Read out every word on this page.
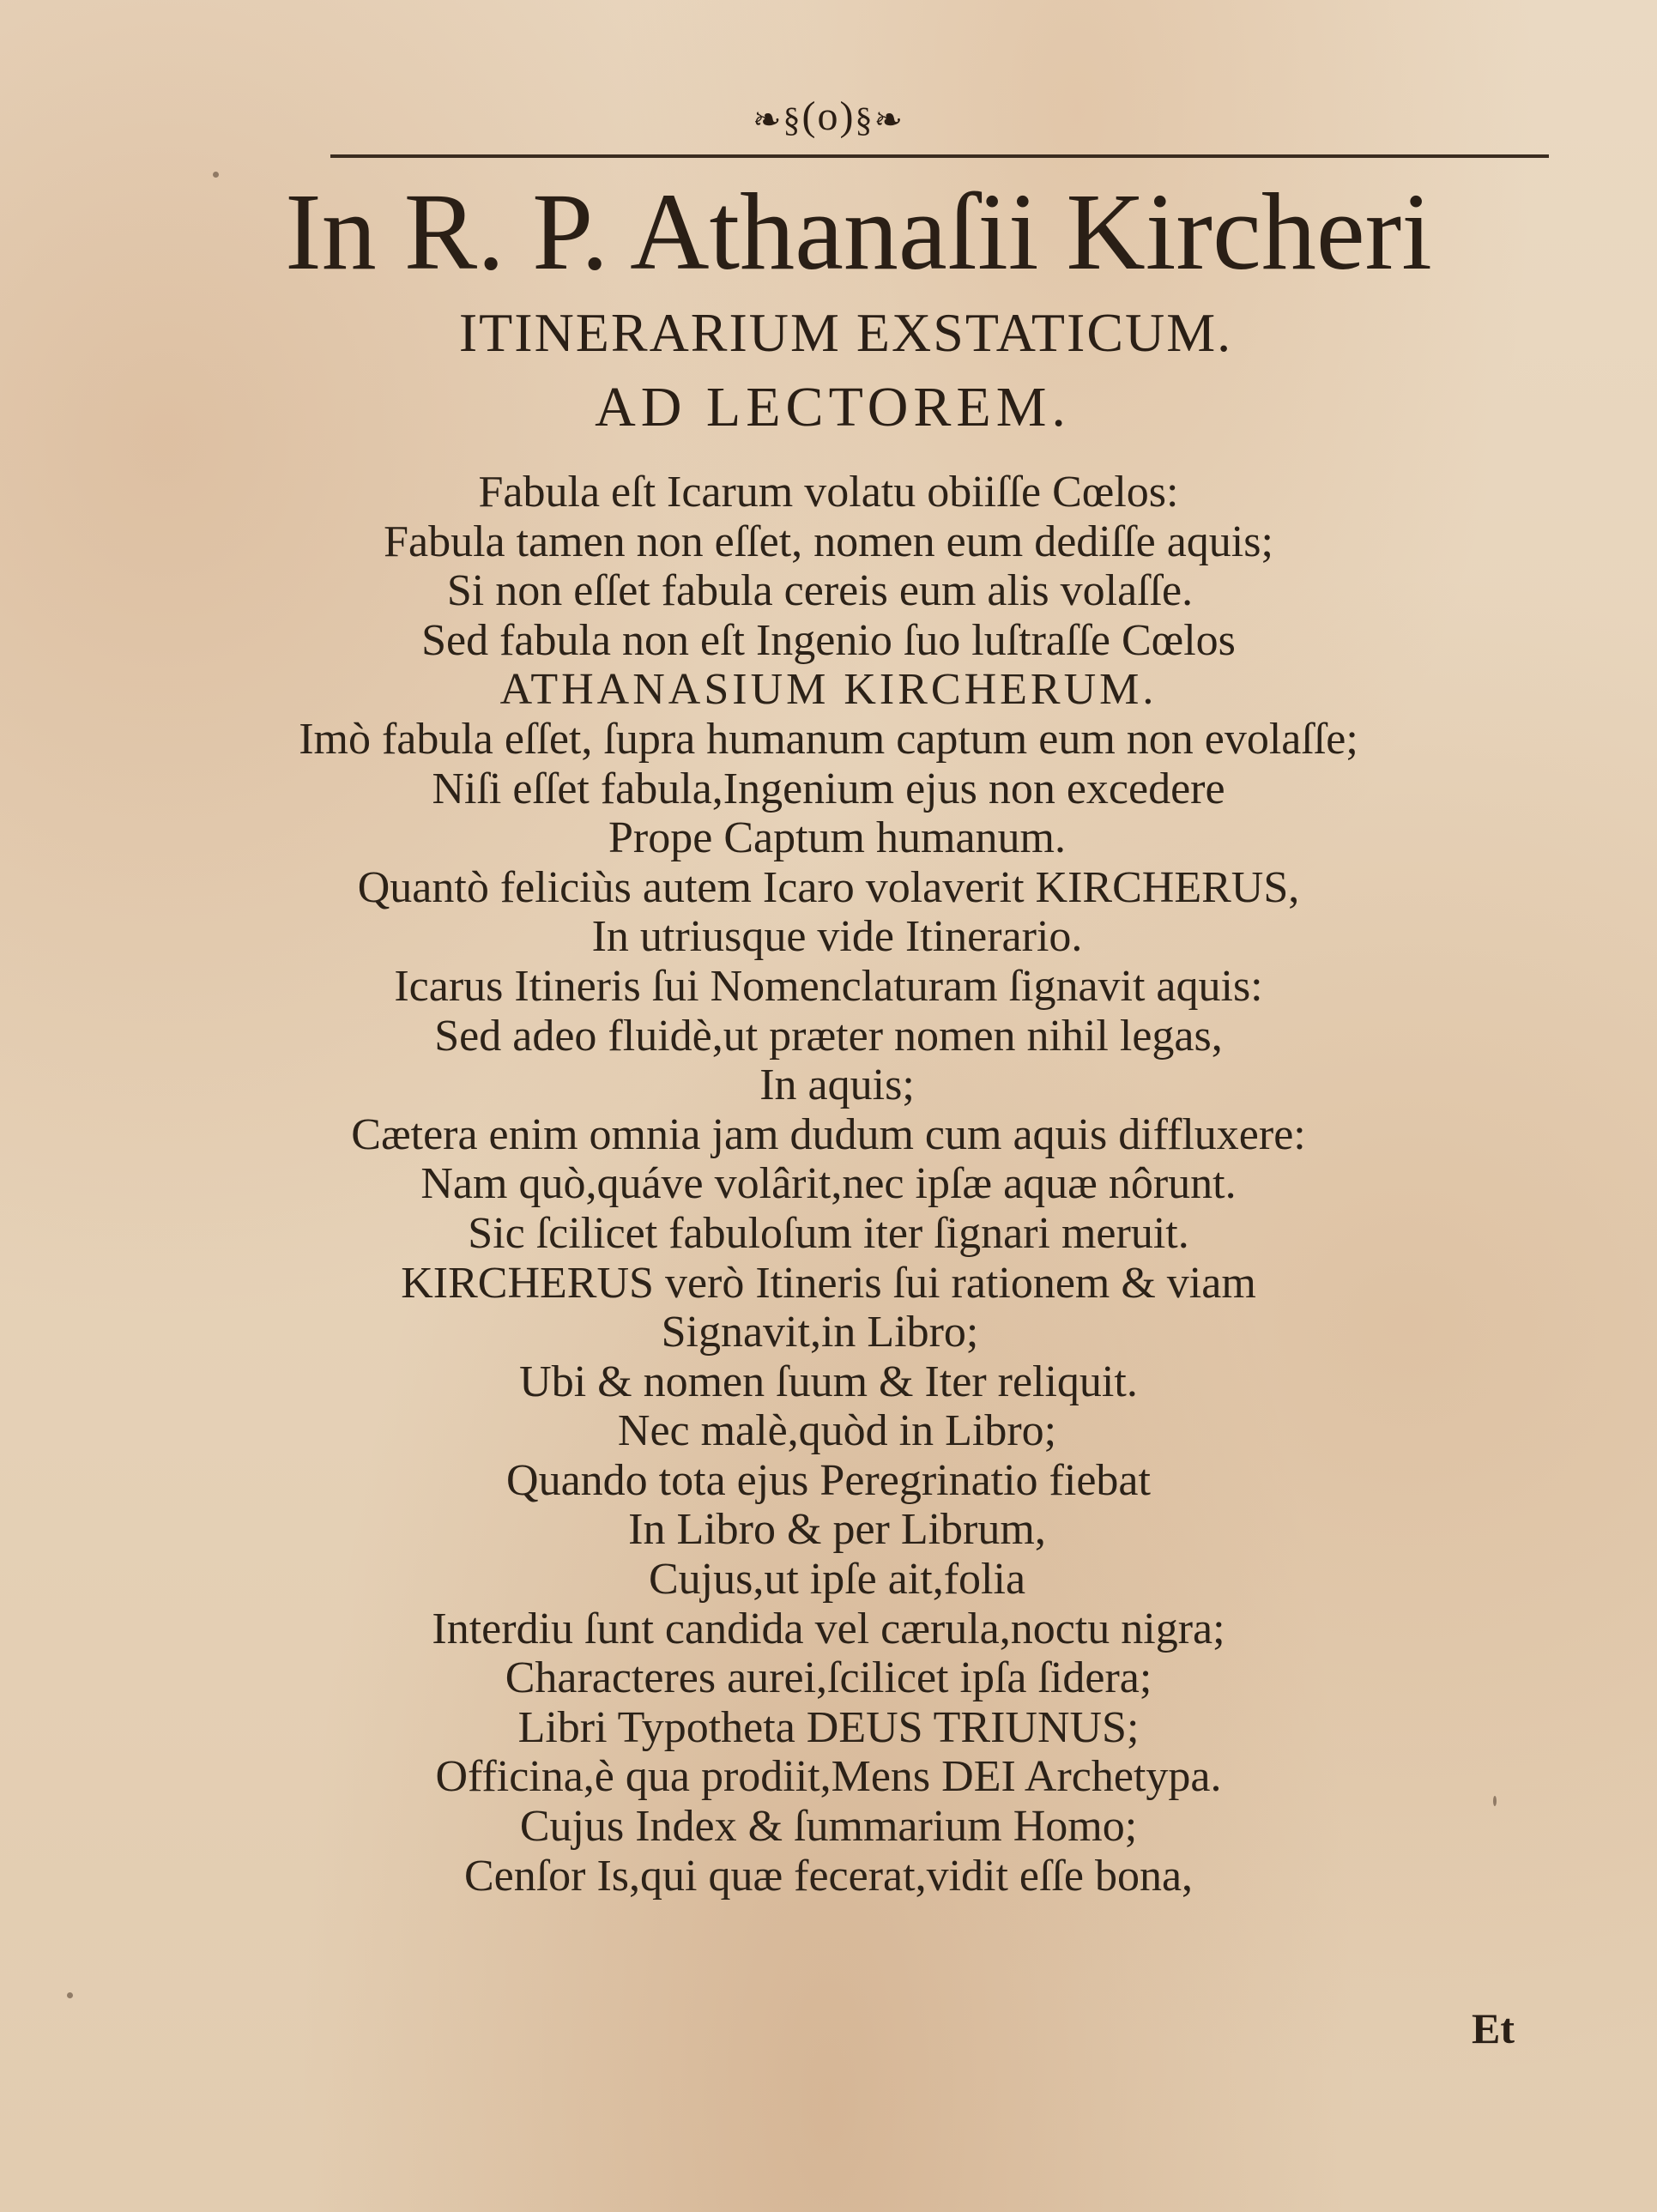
❧§(o)§❧
In R. P. Athanaſii Kircheri
ITINERARIUM EXSTATICUM.
AD LECTOREM.
Fabula eſt Icarum volatu obiiſſe Cœlos:
Fabula tamen non eſſet, nomen eum dediſſe aquis;
Si non eſſet fabula cereis eum alis volaſſe.
Sed fabula non eſt Ingenio ſuo luſtraſſe Cœlos
ATHANASIUM KIRCHERUM.
Imò fabula eſſet, ſupra humanum captum eum non evolaſſe;
Niſi eſſet fabula,Ingenium ejus non excedere
Prope Captum humanum.
Quantò feliciùs autem Icaro volaverit KIRCHERUS,
In utriusque vide Itinerario.
Icarus Itineris ſui Nomenclaturam ſignavit aquis:
Sed adeo fluidè,ut præter nomen nihil legas,
In aquis;
Cætera enim omnia jam dudum cum aquis diffluxere:
Nam quò,quáve volârit,nec ipſæ aquæ nôrunt.
Sic ſcilicet fabuloſum iter ſignari meruit.
KIRCHERUS verò Itineris ſui rationem & viam
Signavit,in Libro;
Ubi & nomen ſuum & Iter reliquit.
Nec malè,quòd in Libro;
Quando tota ejus Peregrinatio fiebat
In Libro & per Librum,
Cujus,ut ipſe ait,folia
Interdiu ſunt candida vel cærula,noctu nigra;
Characteres aurei,ſcilicet ipſa ſidera;
Libri Typotheta DEUS TRIUNUS;
Officina,è qua prodiit,Mens DEI Archetypa.
Cujus Index & ſummarium Homo;
Cenſor Is,qui quæ fecerat,vidit eſſe bona,
Et
